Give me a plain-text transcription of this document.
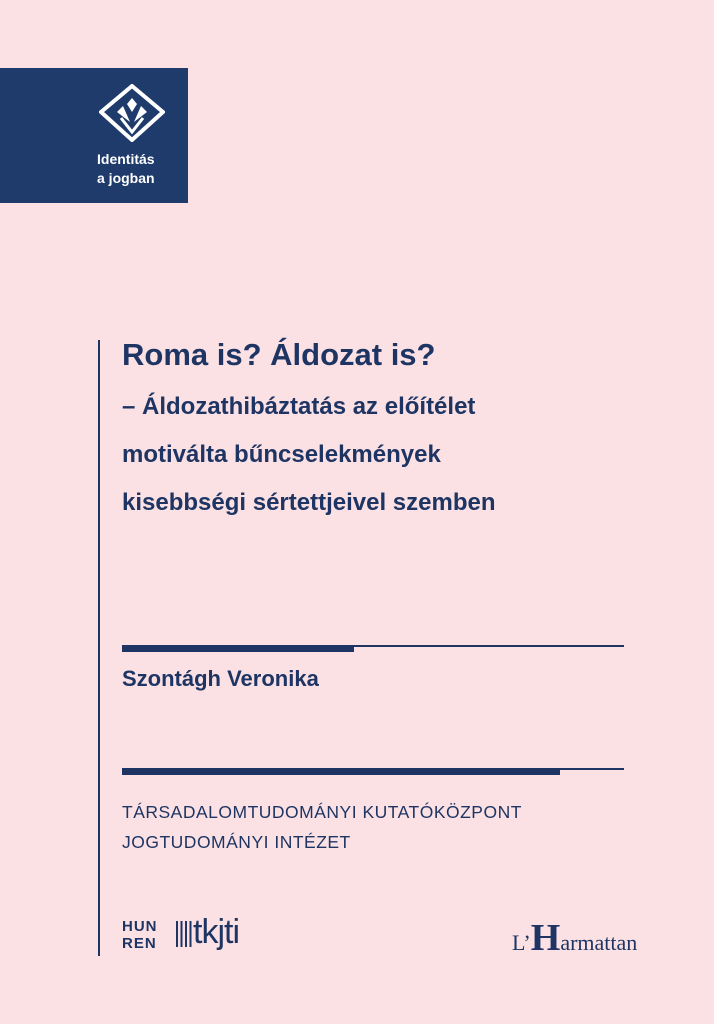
Identitás
a jogban
Roma is? Áldozat is?
– Áldozathibáztatás az előítélet
motiválta bűncselekmények
kisebbségi sértettjeivel szemben
Szontágh Veronika
TÁRSADALOMTUDOMÁNYI KUTATÓKÖZPONT
JOGTUDOMÁNYI INTÉZET
HUN
REN tkjti	L’Harmattan
